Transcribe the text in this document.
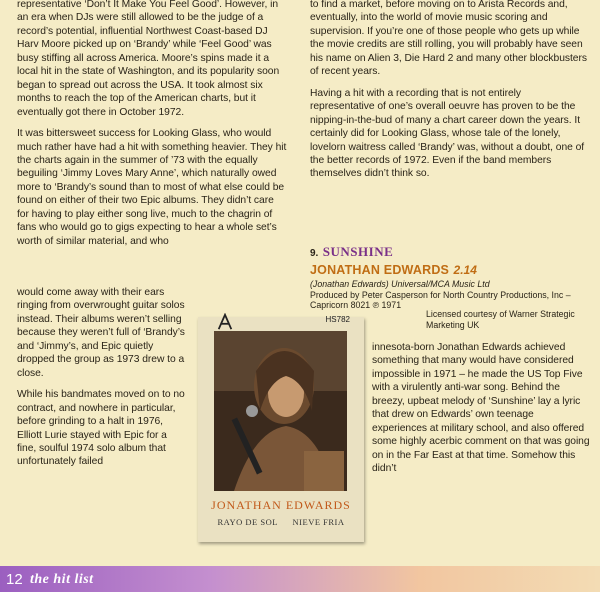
representative ‘Don’t It Make You Feel Good’. However, in an era when DJs were still allowed to be the judge of a record’s potential, influential Northwest Coast-based DJ Harv Moore picked up on ‘Brandy’ while ‘Feel Good’ was busy stiffing all across America. Moore’s spins made it a local hit in the state of Washington, and its popularity soon began to spread out across the USA. It took almost six months to reach the top of the American charts, but it eventually got there in October 1972.

It was bittersweet success for Looking Glass, who would much rather have had a hit with something heavier. They hit the charts again in the summer of ’73 with the equally beguiling ‘Jimmy Loves Mary Anne’, which naturally owed more to ‘Brandy’s sound than to most of what else could be found on either of their two Epic albums. They didn’t care for having to play either song live, much to the chagrin of fans who would go to gigs expecting to hear a whole set’s worth of similar material, and who

would come away with their ears ringing from overwrought guitar solos instead. Their albums weren’t selling because they weren’t full of ‘Brandy’s and ‘Jimmy’s, and Epic quietly dropped the group as 1973 drew to a close.

While his bandmates moved on to no contract, and nowhere in particular, before grinding to a halt in 1976, Elliott Lurie stayed with Epic for a fine, soulful 1974 solo album that unfortunately failed

to find a market, before moving on to Arista Records and, eventually, into the world of movie music scoring and supervision. If you’re one of those people who gets up while the movie credits are still rolling, you will probably have seen his name on Alien 3, Die Hard 2 and many other blockbusters of recent years.

Having a hit with a recording that is not entirely representative of one’s overall oeuvre has proven to be the nipping-in-the-bud of many a chart career down the years. It certainly did for Looking Glass, whose tale of the lonely, lovelorn waitress called ‘Brandy’ was, without a doubt, one of the better records of 1972. Even if the band members themselves didn’t think so.

9. SUNSHINE
JONATHAN EDWARDS 2.14
(Jonathan Edwards) Universal/MCA Music Ltd
Produced by Peter Casperson for North Country Productions, Inc – Capricorn 8021 ℗ 1971
Licensed courtesy of Warner Strategic Marketing UK

innesota-born Jonathan Edwards achieved something that many would have considered impossible in 1971 – he made the US Top Five with a virulently anti-war song. Behind the breezy, upbeat melody of ‘Sunshine’ lay a lyric that drew on Edwards’ own teenage experiences at military school, and also offered some highly acerbic comment on that was going on in the Far East at that time. Somehow this didn’t

HS782
JONATHAN EDWARDS
RAYO DE SOL NIEVE FRIA
12 the hit list
